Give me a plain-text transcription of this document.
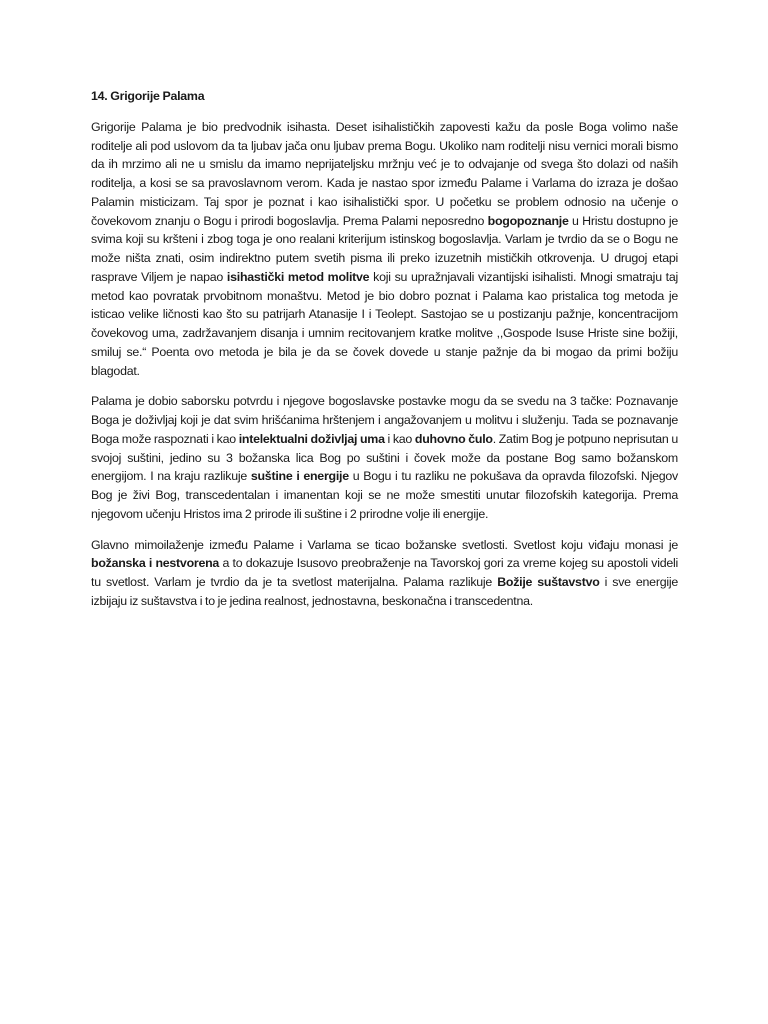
14. Grigorije Palama

Grigorije Palama je bio predvodnik isihasta. Deset isihalističkih zapovesti kažu da posle Boga volimo naše roditelje ali pod uslovom da ta ljubav jača onu ljubav prema Bogu. Ukoliko nam roditelji nisu vernici morali bismo da ih mrzimo ali ne u smislu da imamo neprijateljsku mržnju već je to odvajanje od svega što dolazi od naših roditelja, a kosi se sa pravoslavnom verom. Kada je nastao spor između Palame i Varlama do izraza je došao Palamin misticizam. Taj spor je poznat i kao isihalistički spor. U početku se problem odnosio na učenje o čovekovom znanju o Bogu i prirodi bogoslavlja. Prema Palami neposredno bogopoznanje u Hristu dostupno je svima koji su kršteni i zbog toga je ono realani kriterijum istinskog bogoslavlja. Varlam je tvrdio da se o Bogu ne može ništa znati, osim indirektno putem svetih pisma ili preko izuzetnih mističkih otkrovenja. U drugoj etapi rasprave Viljem je napao isihastički metod molitve koji su upražnjavali vizantijski isihalisti. Mnogi smatraju taj metod kao povratak prvobitnom monaštvu. Metod je bio dobro poznat i Palama kao pristalica tog metoda je isticao velike ličnosti kao što su patrijarh Atanasije I i Teolept. Sastojao se u postizanju pažnje, koncentracijom čovekovog uma, zadržavanjem disanja i umnim recitovanjem kratke molitve ,,Gospode Isuse Hriste sine božiji, smiluj se.“ Poenta ovo metoda je bila je da se čovek dovede u stanje pažnje da bi mogao da primi božiju blagodat.

Palama je dobio saborsku potvrdu i njegove bogoslavske postavke mogu da se svedu na 3 tačke: Poznavanje Boga je doživljaj koji je dat svim hrišćanima hrštenjem i angažovanjem u molitvu i služenju. Tada se poznavanje Boga može raspoznati i kao intelektualni doživljaj uma i kao duhovno čulo. Zatim Bog je potpuno neprisutan u svojoj suštini, jedino su 3 božanska lica Bog po suštini i čovek može da postane Bog samo božanskom energijom. I na kraju razlikuje suštine i energije u Bogu i tu razliku ne pokušava da opravda filozofski. Njegov Bog je živi Bog, transcedentalan i imanentan koji se ne može smestiti unutar filozofskih kategorija. Prema njegovom učenju Hristos ima 2 prirode ili suštine i 2 prirodne volje ili energije.

Glavno mimoilaženje između Palame i Varlama se ticao božanske svetlosti. Svetlost koju viđaju monasi je božanska i nestvorena a to dokazuje Isusovo preobraženje na Tavorskoj gori za vreme kojeg su apostoli videli tu svetlost. Varlam je tvrdio da je ta svetlost materijalna. Palama razlikuje Božije suštavstvo i sve energije izbijaju iz suštavstva i to je jedina realnost, jednostavna, beskonačna i transcedentna.
